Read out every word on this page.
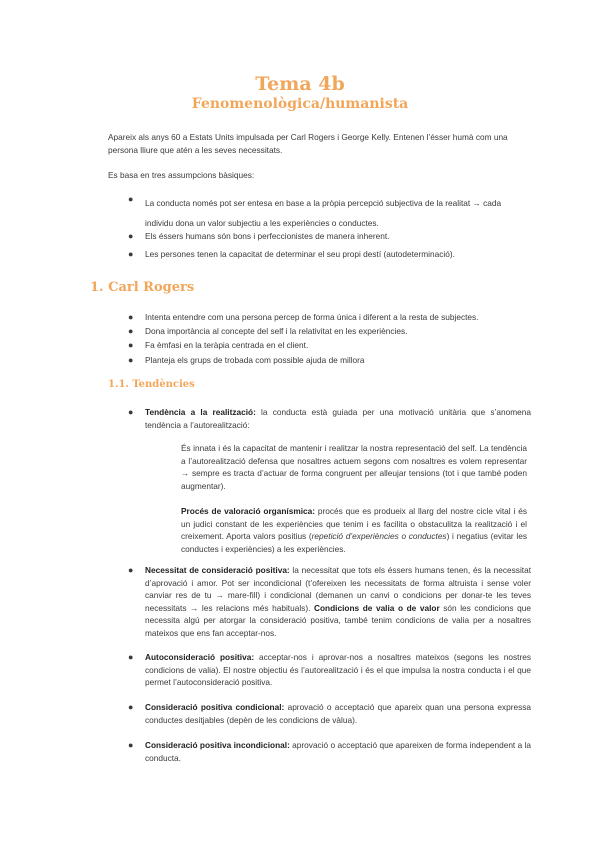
Tema 4b
Fenomenològica/humanista

Apareix als anys 60 a Estats Units impulsada per Carl Rogers i George Kelly. Entenen l’ésser humà com una persona lliure que atén a les seves necessitats.

Es basa en tres assumpcions bàsiques:

●	La conducta només pot ser entesa en base a la pròpia percepció subjectiva de la realitat → cada individu dona un valor subjectiu a les experiències o conductes.

●	Els éssers humans són bons i perfeccionistes de manera inherent.

●	Les persones tenen la capacitat de determinar el seu propi destí (autodeterminació).

1. Carl Rogers
●	Intenta entendre com una persona percep de forma única i diferent a la resta de subjectes.

●	Dona importància al concepte del self i la relativitat en les experiències.

●	Fa èmfasi en la teràpia centrada en el client.

●	Planteja els grups de trobada com possible ajuda de millora

1.1. Tendències
●	Tendència a la realització: la conducta està guiada per una motivació unitària que s’anomena tendència a l’autorealització:

És innata i és la capacitat de mantenir i realitzar la nostra representació del self. La tendència a l’autorealització defensa que nosaltres actuem segons com nosaltres es volem representar → sempre es tracta d’actuar de forma congruent per alleujar tensions (tot i que també poden augmentar).

Procés de valoració organísmica: procés que es produeix al llarg del nostre cicle vital i és un judici constant de les experiències que tenim i es facilita o obstaculitza la realització i el creixement. Aporta valors positius (repetició d’experiències o conductes) i negatius (evitar les conductes i experiències) a les experiències.

●	Necessitat de consideració positiva: la necessitat que tots els éssers humans tenen, és la necessitat d’aprovació i amor. Pot ser incondicional (t’ofereixen les necessitats de forma altruista i sense voler canviar res de tu → mare-fill) i condicional (demanen un canvi o condicions per donar-te les teves necessitats → les relacions més habituals). Condicions de valia o de valor són les condicions que necessita algú per atorgar la consideració positiva, també tenim condicions de valia per a nosaltres mateixos que ens fan acceptar-nos.

●	Autoconsideració positiva: acceptar-nos i aprovar-nos a nosaltres mateixos (segons les nostres condicions de valia). El nostre objectiu és l’autorealització i és el que impulsa la nostra conducta i el que permet l’autoconsideració positiva.

●	Consideració positiva condicional: aprovació o acceptació que apareix quan una persona expressa conductes desitjables (depèn de les condicions de vàlua).

●	Consideració positiva incondicional: aprovació o acceptació que apareixen de forma independent a la conducta.
